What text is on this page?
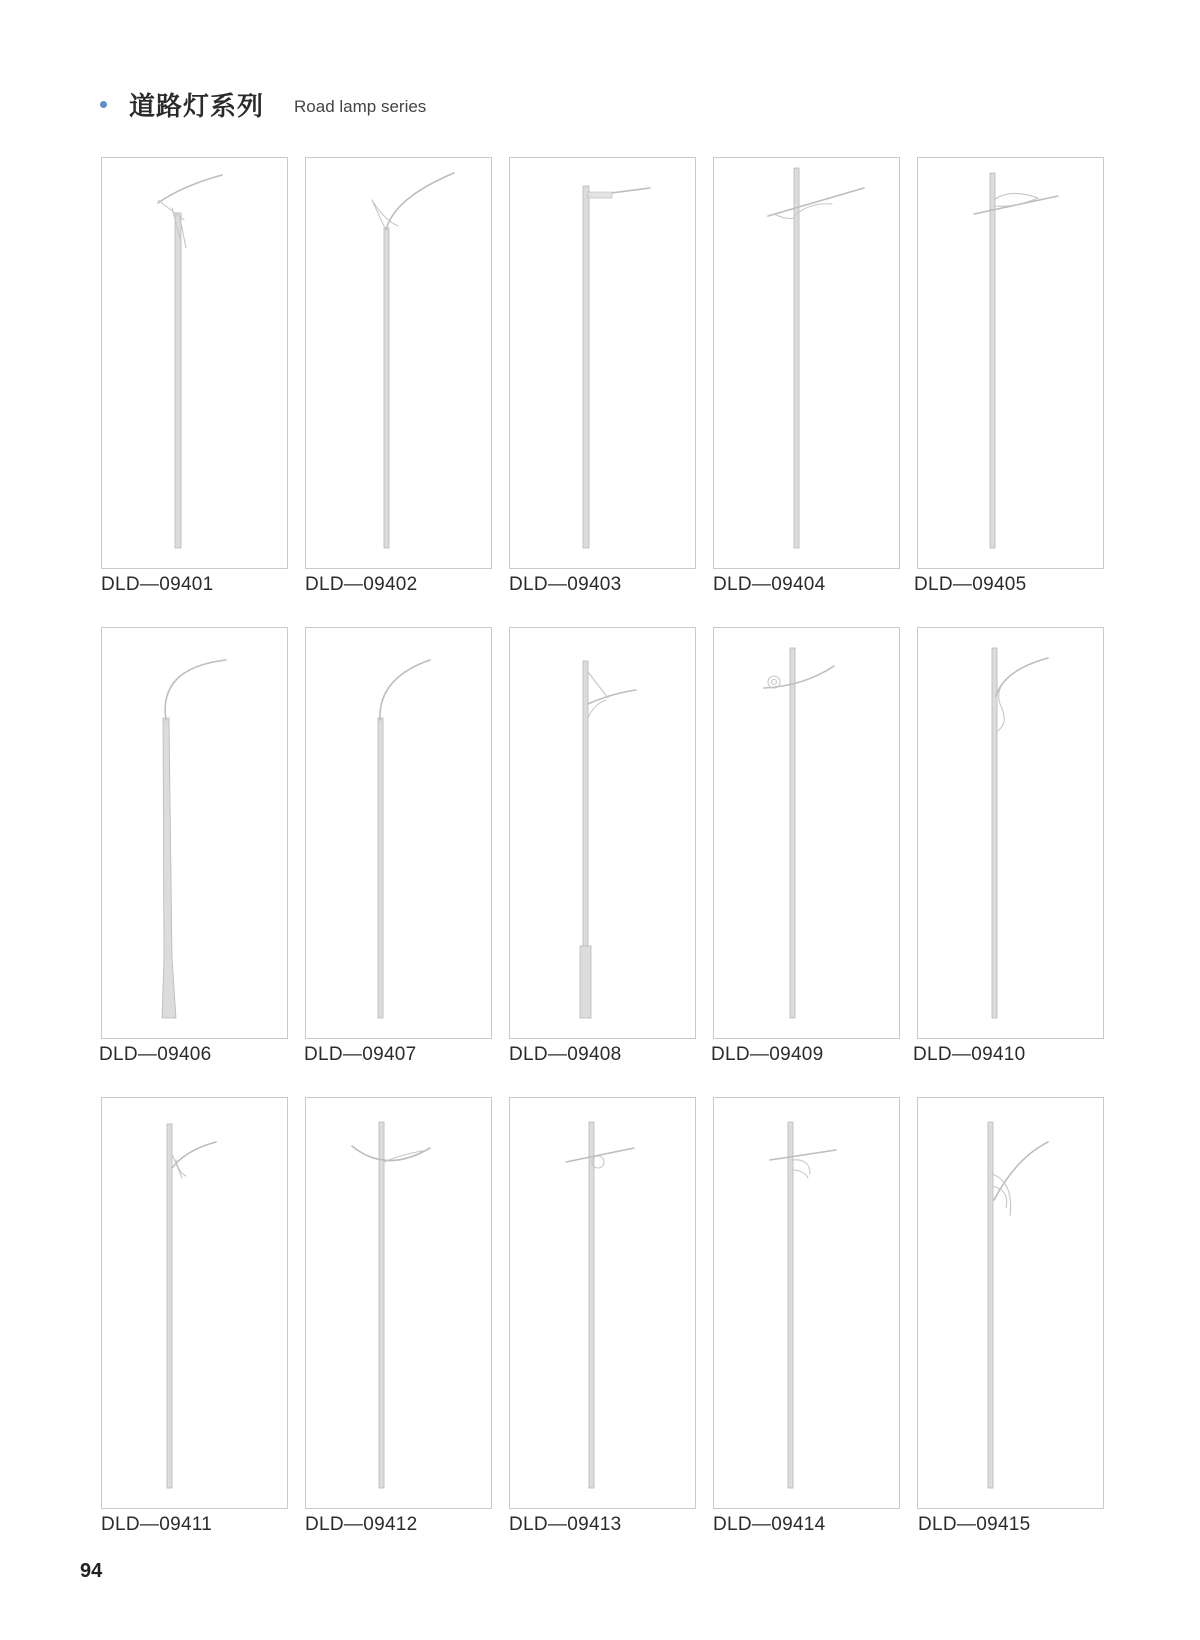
道路灯系列 Road lamp series
DLD—09401	DLD—09402	DLD—09403	DLD—09404	DLD—09405
DLD—09406	DLD—09407	DLD—09408	DLD—09409	DLD—09410
DLD—09411	DLD—09412	DLD—09413	DLD—09414	DLD—09415
94
